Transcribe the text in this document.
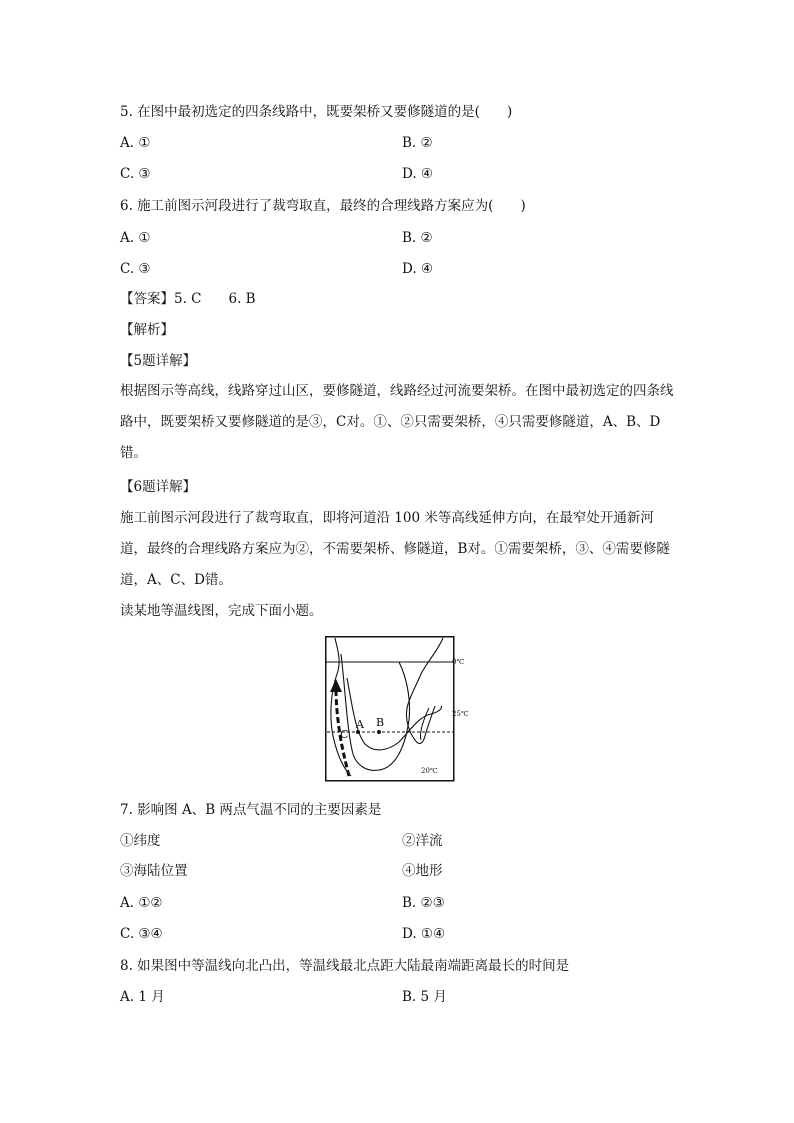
5. 在图中最初选定的四条线路中，既要架桥又要修隧道的是(　　)
A. ①	B. ②
C. ③	D. ④
6. 施工前图示河段进行了裁弯取直，最终的合理线路方案应为(　　)
A. ①	B. ②
C. ③	D. ④
【答案】5. C　　6. B
【解析】
【5题详解】
根据图示等高线，线路穿过山区，要修隧道，线路经过河流要架桥。在图中最初选定的四条线路中，既要架桥又要修隧道的是③，C对。①、②只需要架桥，④只需要修隧道，A、B、D错。
【6题详解】
施工前图示河段进行了裁弯取直，即将河道沿 100 米等高线延伸方向，在最窄处开通新河道，最终的合理线路方案应为②，不需要架桥、修隧道，B对。①需要架桥，③、④需要修隧道，A、C、D错。
读某地等温线图，完成下面小题。
0℃
20℃
25℃
A B
C
7. 影响图 A、B 两点气温不同的主要因素是
①纬度	②洋流
③海陆位置	④地形
A. ①②	B. ②③
C. ③④	D. ①④
8. 如果图中等温线向北凸出，等温线最北点距大陆最南端距离最长的时间是
A. 1 月	B. 5 月
